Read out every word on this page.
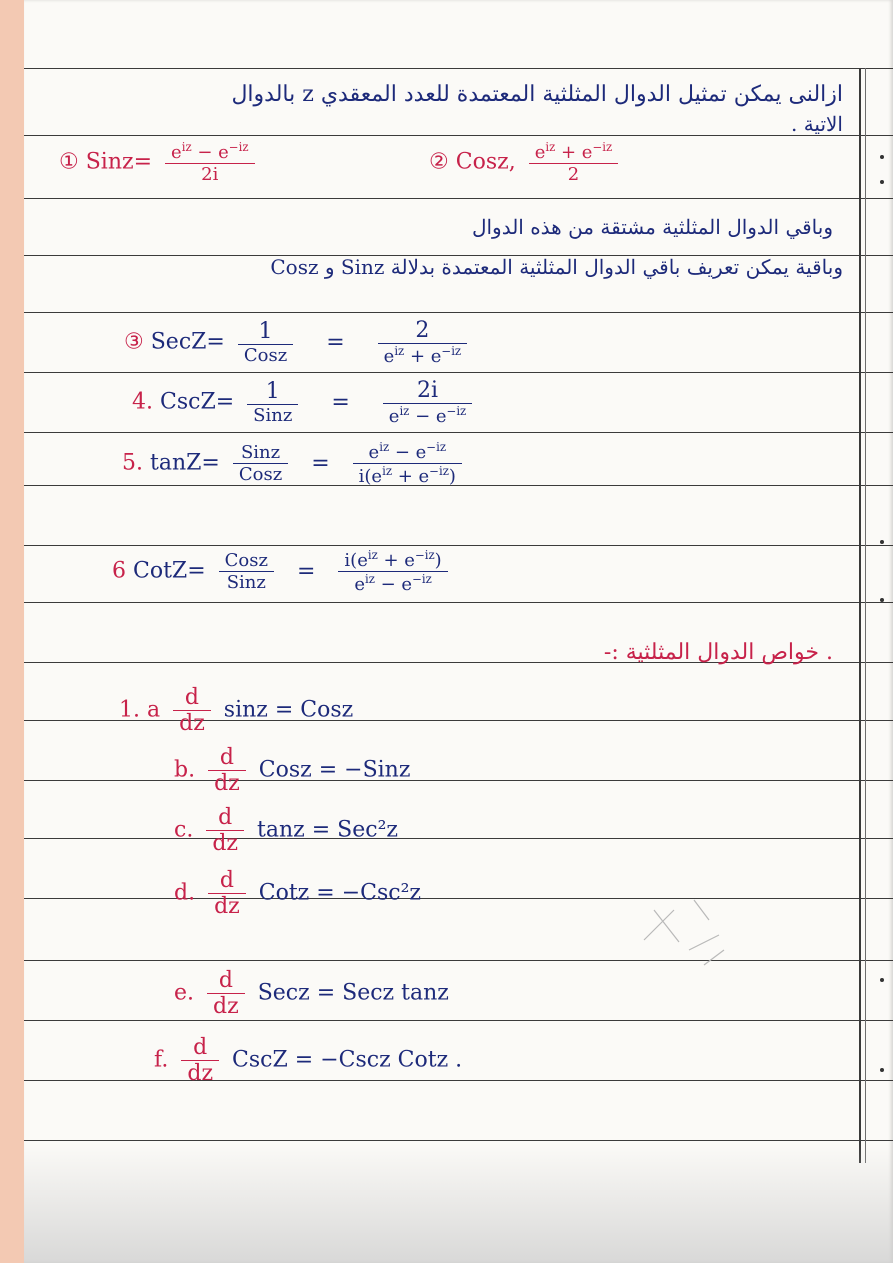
ازالنى يمكن تمثيل الدوال المثلثية المعتمدة للعدد المعقدي z بالدوال
الاتية .
① Sinz= $\frac{e^{iz} - e^{-iz}}{2i}$	② Cosz, $\frac{e^{iz} + e^{-iz}}{2}$
وباقي الدوال المثلثية مشتقة من هذه الدوال
وباقية يمكن تعريف باقي الدوال المثلثية المعتمدة بدلالة Sinz و Cosz
③ SecZ= $\frac{1}{\text{Cosz}} = \frac{2}{e^{iz} + e^{-iz}}$
4. CscZ= $\frac{1}{\text{Sinz}} = \frac{2i}{e^{iz} - e^{-iz}}$
5. $\tan Z= \frac{\text{Sinz}}{\text{Cosz}} = \frac{e^{iz} - e^{-iz}}{i(e^{iz} + e^{-iz})}$
6 CotZ= $\frac{\text{Cosz}}{\text{Sinz}} = \frac{i(e^{iz} + e^{-iz})}{e^{iz} - e^{-iz}}$
. خواص الدوال المثلثية :-
1. a $\frac{d}{dz}$ sinz = Cosz
b. $\frac{d}{dz}$ Cosz = −Sinz
c. $\frac{d}{dz}$ tanz = Sec²z
d. $\frac{d}{dz}$ Cotz = −Csc²z
e. $\frac{d}{dz}$ Secz = Secz tanz
f. $\frac{d}{dz}$ CscZ = −Cscz Cotz .
